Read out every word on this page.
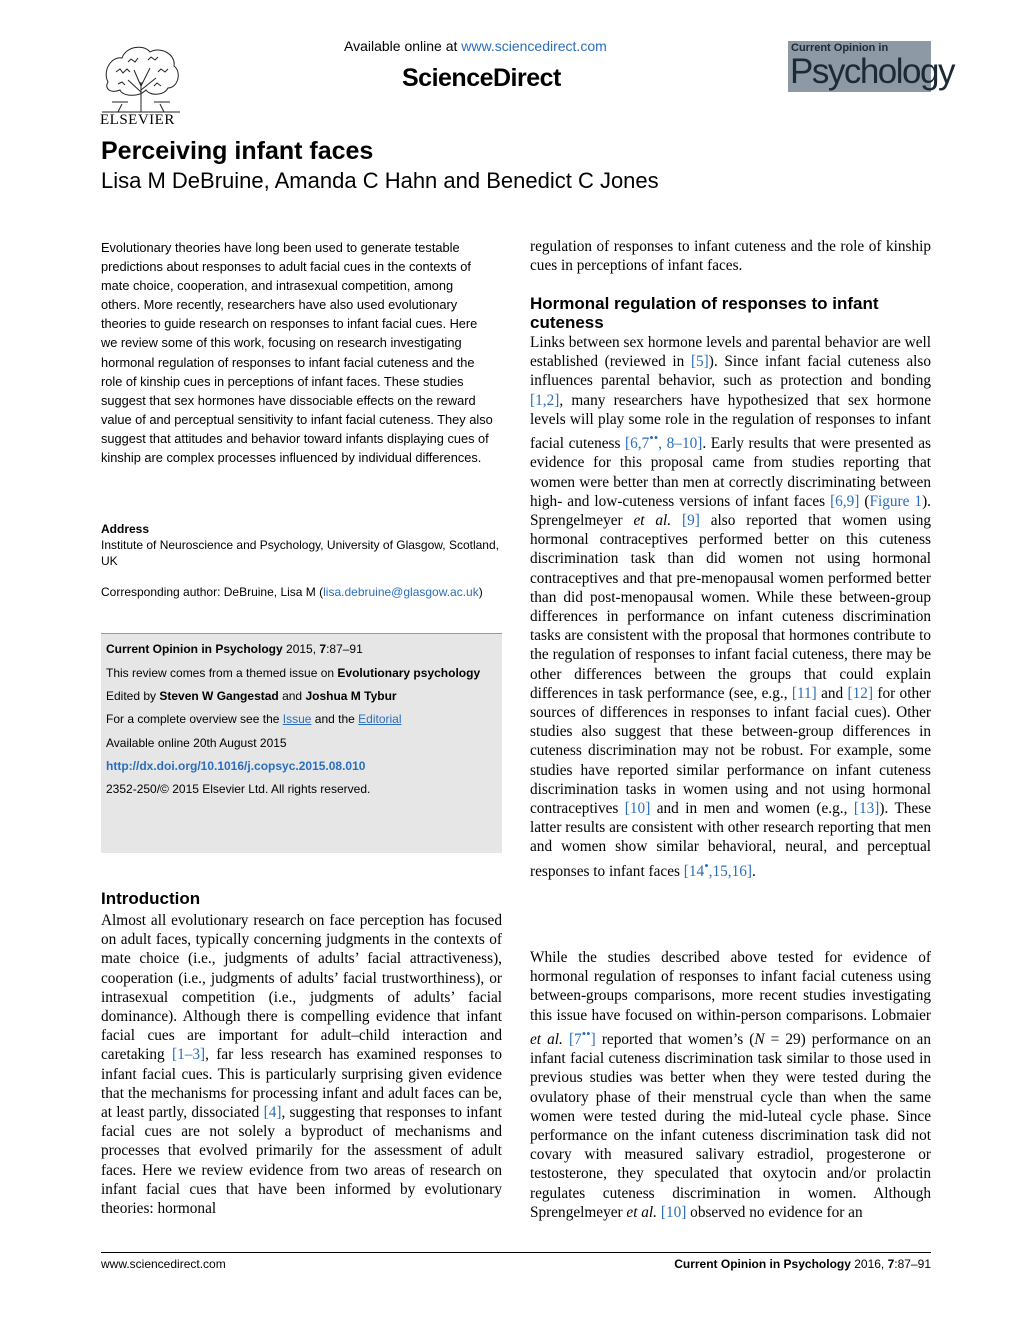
ELSEVIER
Available online at www.sciencedirect.com
ScienceDirect
Current Opinion in
Psychology
Perceiving infant faces
Lisa M DeBruine, Amanda C Hahn and Benedict C Jones
Evolutionary theories have long been used to generate testable predictions about responses to adult facial cues in the contexts of mate choice, cooperation, and intrasexual competition, among others. More recently, researchers have also used evolutionary theories to guide research on responses to infant facial cues. Here we review some of this work, focusing on research investigating hormonal regulation of responses to infant facial cuteness and the role of kinship cues in perceptions of infant faces. These studies suggest that sex hormones have dissociable effects on the reward value of and perceptual sensitivity to infant facial cuteness. They also suggest that attitudes and behavior toward infants displaying cues of kinship are complex processes influenced by individual differences.
Address
Institute of Neuroscience and Psychology, University of Glasgow, Scotland, UK
Corresponding author: DeBruine, Lisa M (lisa.debruine@glasgow.ac.uk)
Current Opinion in Psychology 2015, 7:87–91
This review comes from a themed issue on Evolutionary psychology
Edited by Steven W Gangestad and Joshua M Tybur
For a complete overview see the Issue and the Editorial
Available online 20th August 2015
http://dx.doi.org/10.1016/j.copsyc.2015.08.010
2352-250/© 2015 Elsevier Ltd. All rights reserved.
Introduction
Almost all evolutionary research on face perception has focused on adult faces, typically concerning judgments in the contexts of mate choice (i.e., judgments of adults’ facial attractiveness), cooperation (i.e., judgments of adults’ facial trustworthiness), or intrasexual competition (i.e., judgments of adults’ facial dominance). Although there is compelling evidence that infant facial cues are important for adult–child interaction and caretaking [1–3], far less research has examined responses to infant facial cues. This is particularly surprising given evidence that the mechanisms for processing infant and adult faces can be, at least partly, dissociated [4], suggesting that responses to infant facial cues are not solely a byproduct of mechanisms and processes that evolved primarily for the assessment of adult faces. Here we review evidence from two areas of research on infant facial cues that have been informed by evolutionary theories: hormonal
regulation of responses to infant cuteness and the role of kinship cues in perceptions of infant faces.
Hormonal regulation of responses to infant cuteness
Links between sex hormone levels and parental behavior are well established (reviewed in [5]). Since infant facial cuteness also influences parental behavior, such as protection and bonding [1,2], many researchers have hypothesized that sex hormone levels will play some role in the regulation of responses to infant facial cuteness [6,7••, 8–10]. Early results that were presented as evidence for this proposal came from studies reporting that women were better than men at correctly discriminating between high- and low-cuteness versions of infant faces [6,9] (Figure 1). Sprengelmeyer et al. [9] also reported that women using hormonal contraceptives performed better on this cuteness discrimination task than did women not using hormonal contraceptives and that pre-menopausal women performed better than did post-menopausal women. While these between-group differences in performance on infant cuteness discrimination tasks are consistent with the proposal that hormones contribute to the regulation of responses to infant facial cuteness, there may be other differences between the groups that could explain differences in task performance (see, e.g., [11] and [12] for other sources of differences in responses to infant facial cues). Other studies also suggest that these between-group differences in cuteness discrimination may not be robust. For example, some studies have reported similar performance on infant cuteness discrimination tasks in women using and not using hormonal contraceptives [10] and in men and women (e.g., [13]). These latter results are consistent with other research reporting that men and women show similar behavioral, neural, and perceptual responses to infant faces [14•,15,16].
While the studies described above tested for evidence of hormonal regulation of responses to infant facial cuteness using between-groups comparisons, more recent studies investigating this issue have focused on within-person comparisons. Lobmaier et al. [7••] reported that women’s (N = 29) performance on an infant facial cuteness discrimination task similar to those used in previous studies was better when they were tested during the ovulatory phase of their menstrual cycle than when the same women were tested during the mid-luteal cycle phase. Since performance on the infant cuteness discrimination task did not covary with measured salivary estradiol, progesterone or testosterone, they speculated that oxytocin and/or prolactin regulates cuteness discrimination in women. Although Sprengelmeyer et al. [10] observed no evidence for an
www.sciencedirect.com	Current Opinion in Psychology 2016, 7:87–91
